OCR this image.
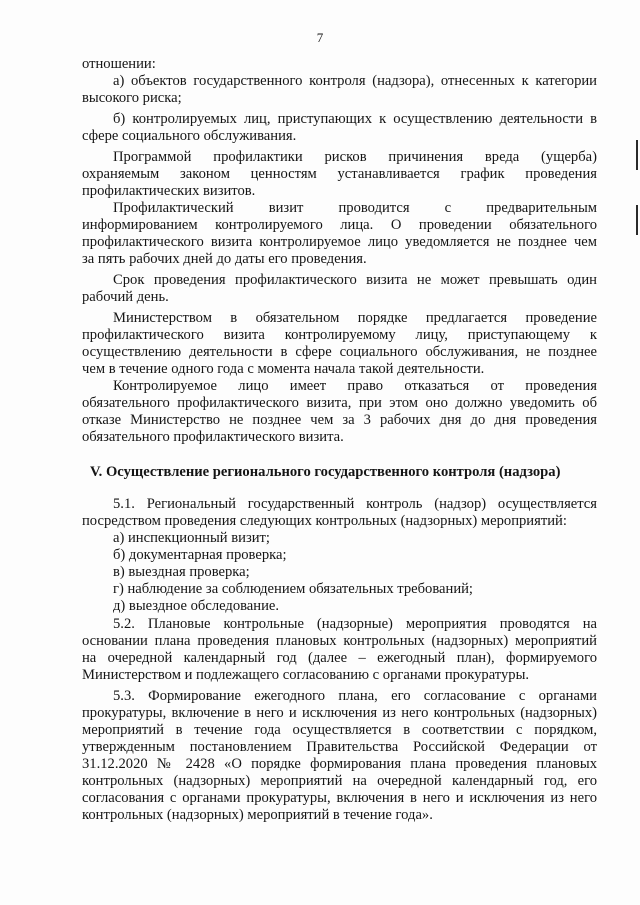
7
отношении:
а) объектов государственного контроля (надзора), отнесенных к категории
высокого риска;
б) контролируемых лиц, приступающих к осуществлению деятельности в
сфере социального обслуживания.
Программой профилактики рисков причинения вреда (ущерба)
охраняемым законом ценностям устанавливается график проведения
профилактических визитов.
Профилактический визит проводится с предварительным
информированием контролируемого лица. О проведении обязательного
профилактического визита контролируемое лицо уведомляется не позднее чем
за пять рабочих дней до даты его проведения.
Срок проведения профилактического визита не может превышать один
рабочий день.
Министерством в обязательном порядке предлагается проведение
профилактического визита контролируемому лицу, приступающему к
осуществлению деятельности в сфере социального обслуживания, не позднее
чем в течение одного года с момента начала такой деятельности.
Контролируемое лицо имеет право отказаться от проведения
обязательного профилактического визита, при этом оно должно уведомить об
отказе Министерство не позднее чем за 3 рабочих дня до дня проведения
обязательного профилактического визита.
V. Осуществление регионального государственного контроля (надзора)
5.1. Региональный государственный контроль (надзор) осуществляется
посредством проведения следующих контрольных (надзорных) мероприятий:
а) инспекционный визит;
б) документарная проверка;
в) выездная проверка;
г) наблюдение за соблюдением обязательных требований;
д) выездное обследование.
5.2. Плановые контрольные (надзорные) мероприятия проводятся на
основании плана проведения плановых контрольных (надзорных) мероприятий
на очередной календарный год (далее – ежегодный план), формируемого
Министерством и подлежащего согласованию с органами прокуратуры.
5.3. Формирование ежегодного плана, его согласование с органами
прокуратуры, включение в него и исключения из него контрольных (надзорных)
мероприятий в течение года осуществляется в соответствии с порядком,
утвержденным постановлением Правительства Российской Федерации от
31.12.2020 № 2428 «О порядке формирования плана проведения плановых
контрольных (надзорных) мероприятий на очередной календарный год, его
согласования с органами прокуратуры, включения в него и исключения из него
контрольных (надзорных) мероприятий в течение года».
